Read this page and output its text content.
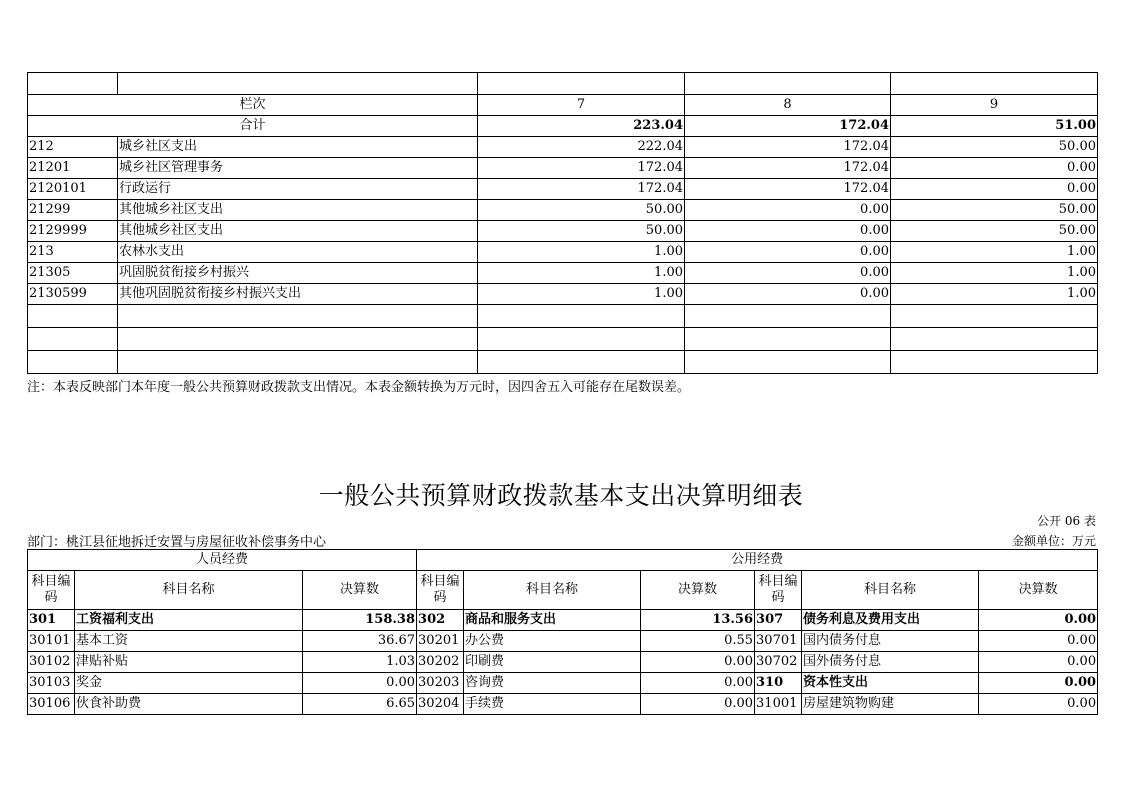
栏次		7	8	9
合计		223.04	172.04	51.00
212	城乡社区支出	222.04	172.04	50.00
21201	城乡社区管理事务	172.04	172.04	0.00
2120101	行政运行	172.04	172.04	0.00
21299	其他城乡社区支出	50.00	0.00	50.00
2129999	其他城乡社区支出	50.00	0.00	50.00
213	农林水支出	1.00	0.00	1.00
21305	巩固脱贫衔接乡村振兴	1.00	0.00	1.00
2130599	其他巩固脱贫衔接乡村振兴支出	1.00	0.00	1.00

注：本表反映部门本年度一般公共预算财政拨款支出情况。本表金额转换为万元时，因四舍五入可能存在尾数误差。
一般公共预算财政拨款基本支出决算明细表
公开 06 表
部门：桃江县征地拆迁安置与房屋征收补偿事务中心	金额单位：万元
人员经费			公用经费					
科目编码	科目名称	决算数	科目编码	科目名称	决算数	科目编码	科目名称	决算数
301	工资福利支出	158.38	302	商品和服务支出	13.56	307	债务利息及费用支出	0.00
30101	基本工资	36.67	30201	办公费	0.55	30701	国内债务付息	0.00
30102	津贴补贴	1.03	30202	印刷费	0.00	30702	国外债务付息	0.00
30103	奖金	0.00	30203	咨询费	0.00	310	资本性支出	0.00
30106	伙食补助费	6.65	30204	手续费	0.00	31001	房屋建筑物购建	0.00
